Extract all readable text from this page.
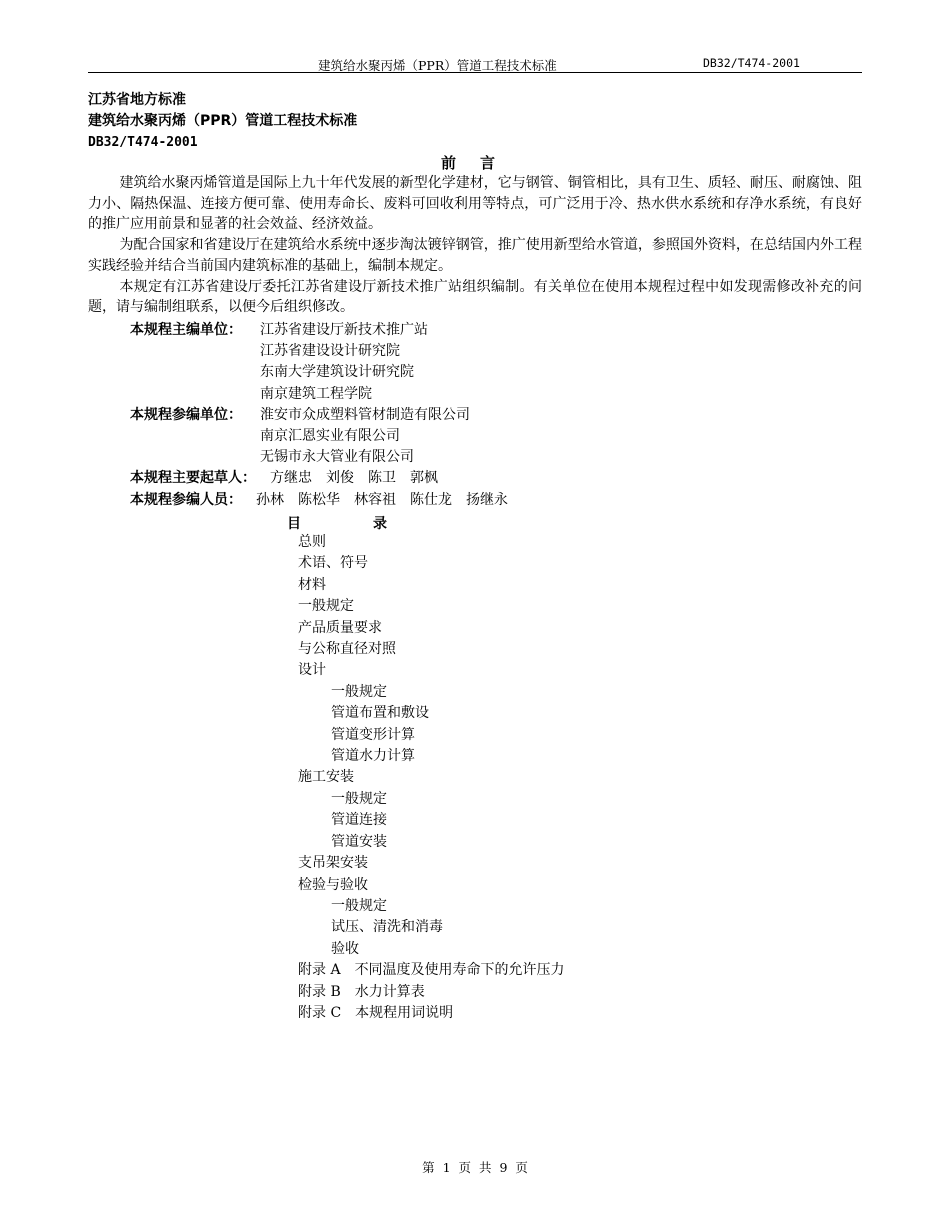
建筑给水聚丙烯（PPR）管道工程技术标准	DB32/T474-2001
江苏省地方标准
建筑给水聚丙烯（PPR）管道工程技术标准
DB32/T474-2001
前言

建筑给水聚丙烯管道是国际上九十年代发展的新型化学建材，它与钢管、铜管相比，具有卫生、质轻、耐压、耐腐蚀、阻力小、隔热保温、连接方便可靠、使用寿命长、废料可回收利用等特点，可广泛用于冷、热水供水系统和存净水系统，有良好的推广应用前景和显著的社会效益、经济效益。

为配合国家和省建设厅在建筑给水系统中逐步淘汰镀锌钢管，推广使用新型给水管道，参照国外资料，在总结国内外工程实践经验并结合当前国内建筑标准的基础上，编制本规定。

本规定有江苏省建设厅委托江苏省建设厅新技术推广站组织编制。有关单位在使用本规程过程中如发现需修改补充的问题，请与编制组联系，以便今后组织修改。

本规程主编单位：	江苏省建设厅新技术推广站
江苏省建设设计研究院
东南大学建筑设计研究院
南京建筑工程学院
本规程参编单位：	淮安市众成塑料管材制造有限公司
南京汇恩实业有限公司
无锡市永大管业有限公司
本规程主要起草人： 方继忠 刘俊 陈卫 郭枫
本规程参编人员： 孙林 陈松华 林容祖 陈仕龙 扬继永
目	录
总则
术语、符号
材料
一般规定
产品质量要求
与公称直径对照
设计
一般规定
管道布置和敷设
管道变形计算
管道水力计算
施工安装
一般规定
管道连接
管道安装
支吊架安装
检验与验收
一般规定
试压、清洗和消毒
验收
附录 A 不同温度及使用寿命下的允许压力
附录 B 水力计算表
附录 C 本规程用词说明
第 1 页 共 9 页
